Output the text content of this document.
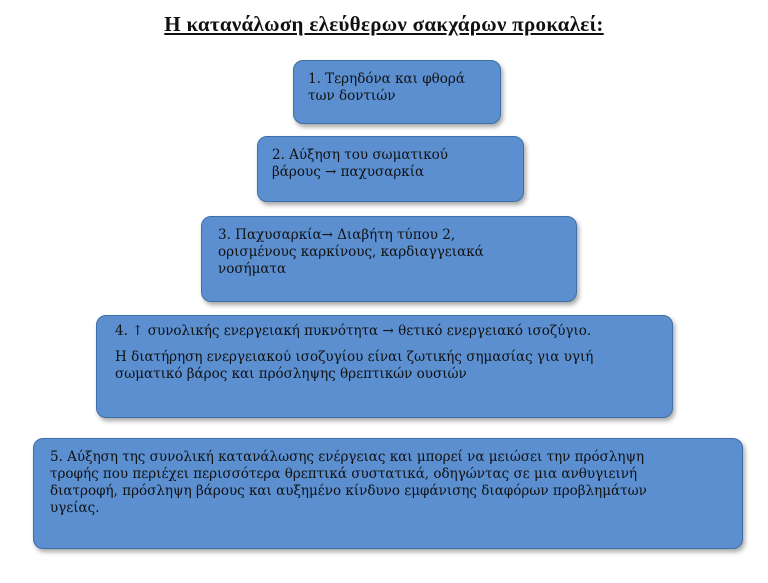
Η κατανάλωση ελεύθερων σακχάρων προκαλεί:

1. Τερηδόνα και φθορά

των δοντιών

2. Αύξηση του σωματικού

βάρους → παχυσαρκία

3. Παχυσαρκία→ Διαβήτη τύπου 2,

ορισμένους καρκίνους, καρδιαγγειακά

νοσήματα

4. ↑ συνολικής ενεργειακή πυκνότητα → θετικό ενεργειακό ισοζύγιο.

Η διατήρηση ενεργειακού ισοζυγίου είναι ζωτικής σημασίας για υγιή

σωματικό βάρος και πρόσληψης θρεπτικών ουσιών

5. Αύξηση της συνολική κατανάλωσης ενέργειας και μπορεί να μειώσει την πρόσληψη

τροφής που περιέχει περισσότερα θρεπτικά συστατικά, οδηγώντας σε μια ανθυγιεινή

διατροφή, πρόσληψη βάρους και αυξημένο κίνδυνο εμφάνισης διαφόρων προβλημάτων

υγείας.
